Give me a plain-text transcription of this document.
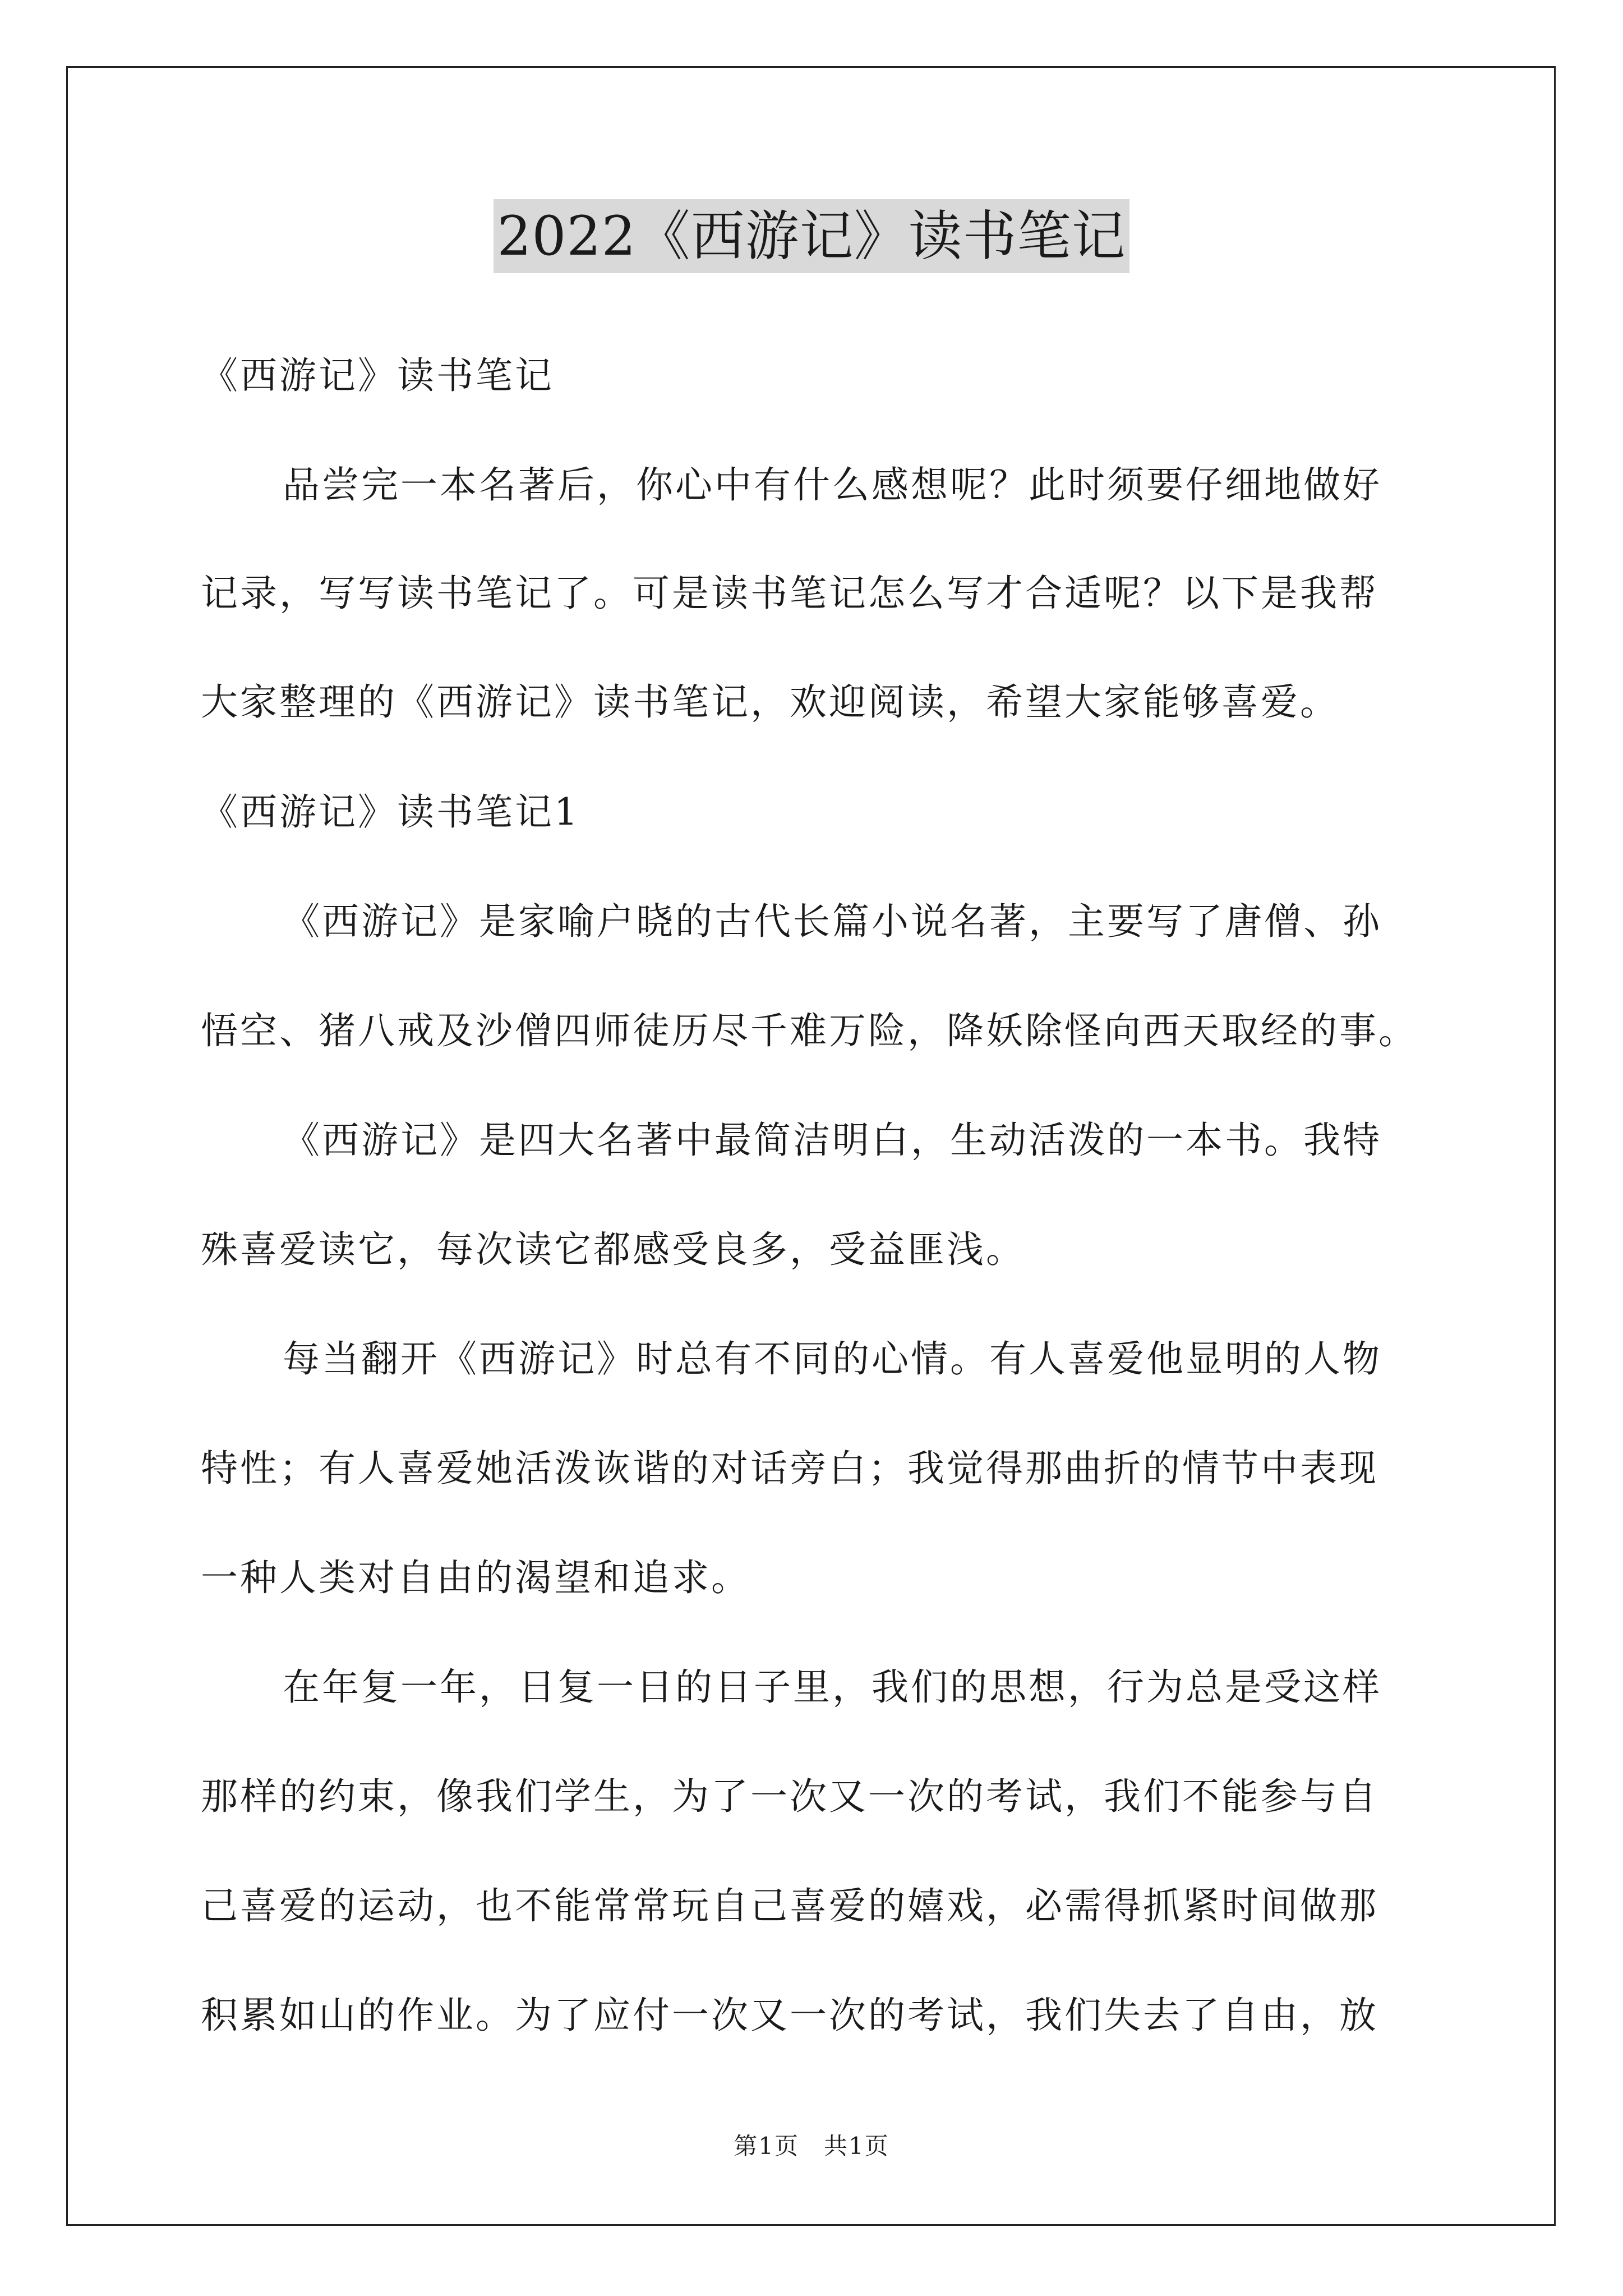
2022《西游记》读书笔记
《西游记》读书笔记
品尝完一本名著后，你心中有什么感想呢？此时须要仔细地做好
记录，写写读书笔记了。可是读书笔记怎么写才合适呢？以下是我帮
大家整理的《西游记》读书笔记，欢迎阅读，希望大家能够喜爱。
《西游记》读书笔记1
《西游记》是家喻户晓的古代长篇小说名著，主要写了唐僧、孙
悟空、猪八戒及沙僧四师徒历尽千难万险，降妖除怪向西天取经的事。
《西游记》是四大名著中最简洁明白，生动活泼的一本书。我特
殊喜爱读它，每次读它都感受良多，受益匪浅。
每当翻开《西游记》时总有不同的心情。有人喜爱他显明的人物
特性；有人喜爱她活泼诙谐的对话旁白；我觉得那曲折的情节中表现
一种人类对自由的渴望和追求。
在年复一年，日复一日的日子里，我们的思想，行为总是受这样
那样的约束，像我们学生，为了一次又一次的考试，我们不能参与自
己喜爱的运动，也不能常常玩自己喜爱的嬉戏，必需得抓紧时间做那
积累如山的作业。为了应付一次又一次的考试，我们失去了自由，放
第1页　共1页
